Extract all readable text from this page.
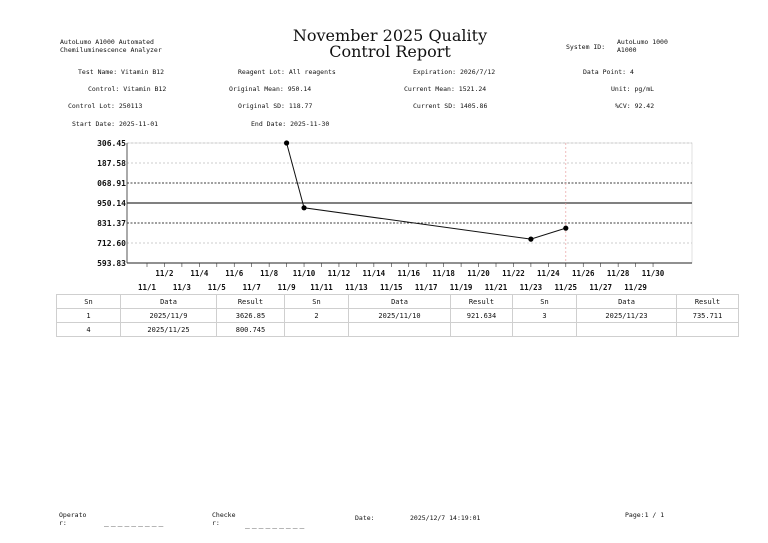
AutoLumo A1000 Automated
Chemiluminescence Analyzer
November 2025 Quality
Control Report	System ID:
AutoLumo 1000
A1000
Test Name: Vitamin B12	Reagent Lot: All reagents	Expiration: 2026/7/12	Data Point: 4
Control: Vitamin B12	Original Mean: 950.14	Current Mean: 1521.24	Unit: pg/mL
Control Lot: 250113	Original SD: 118.77	Current SD: 1405.86	%CV: 92.42
Start Date: 2025-11-01	End Date: 2025-11-30
306.45
187.58
068.91
950.14
831.37
712.60
593.83
11/2 11/4 11/6 11/8 11/10 11/12 11/14 11/16 11/18 11/20 11/22 11/24 11/26 11/28 11/30
11/1 11/3 11/5 11/7 11/9 11/11 11/13 11/15 11/17 11/19 11/21 11/23 11/25 11/27 11/29
Sn	Data	Result	Sn	Data	Result	Sn	Data	Result
1	2025/11/9	3626.85	2	2025/11/10	921.634	3	2025/11/23	735.711
4	2025/11/25	800.745						
Operato
r:	_________
Checke
r:	_________
Date:	2025/12/7 14:19:01	Page:1 / 1
